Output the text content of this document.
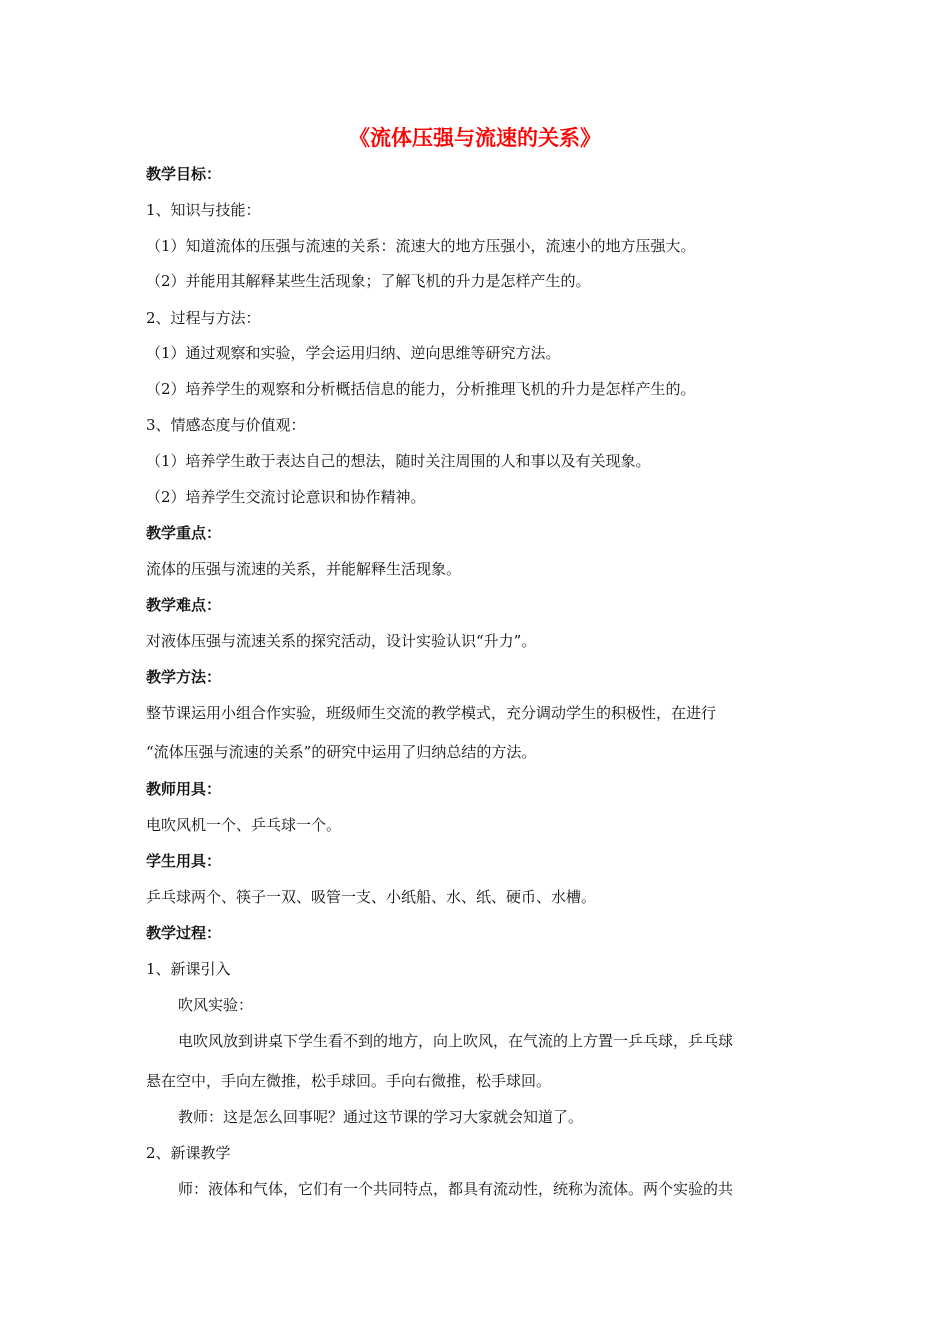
《流体压强与流速的关系》
教学目标：
1、知识与技能：
（1）知道流体的压强与流速的关系：流速大的地方压强小，流速小的地方压强大。
（2）并能用其解释某些生活现象；了解飞机的升力是怎样产生的。
2、过程与方法：
（1）通过观察和实验，学会运用归纳、逆向思维等研究方法。
（2）培养学生的观察和分析概括信息的能力，分析推理飞机的升力是怎样产生的。
3、情感态度与价值观：
（1）培养学生敢于表达自己的想法，随时关注周围的人和事以及有关现象。
（2）培养学生交流讨论意识和协作精神。
教学重点：
流体的压强与流速的关系，并能解释生活现象。
教学难点：
对液体压强与流速关系的探究活动，设计实验认识“升力”。
教学方法：
整节课运用小组合作实验，班级师生交流的教学模式，充分调动学生的积极性，在进行
“流体压强与流速的关系”的研究中运用了归纳总结的方法。
教师用具：
电吹风机一个、乒乓球一个。
学生用具：
乒乓球两个、筷子一双、吸管一支、小纸船、水、纸、硬币、水槽。
教学过程：
1、新课引入
吹风实验：
电吹风放到讲桌下学生看不到的地方，向上吹风，在气流的上方置一乒乓球，乒乓球
悬在空中，手向左微推，松手球回。手向右微推，松手球回。
教师：这是怎么回事呢？通过这节课的学习大家就会知道了。
2、新课教学
师：液体和气体，它们有一个共同特点，都具有流动性，统称为流体。两个实验的共
